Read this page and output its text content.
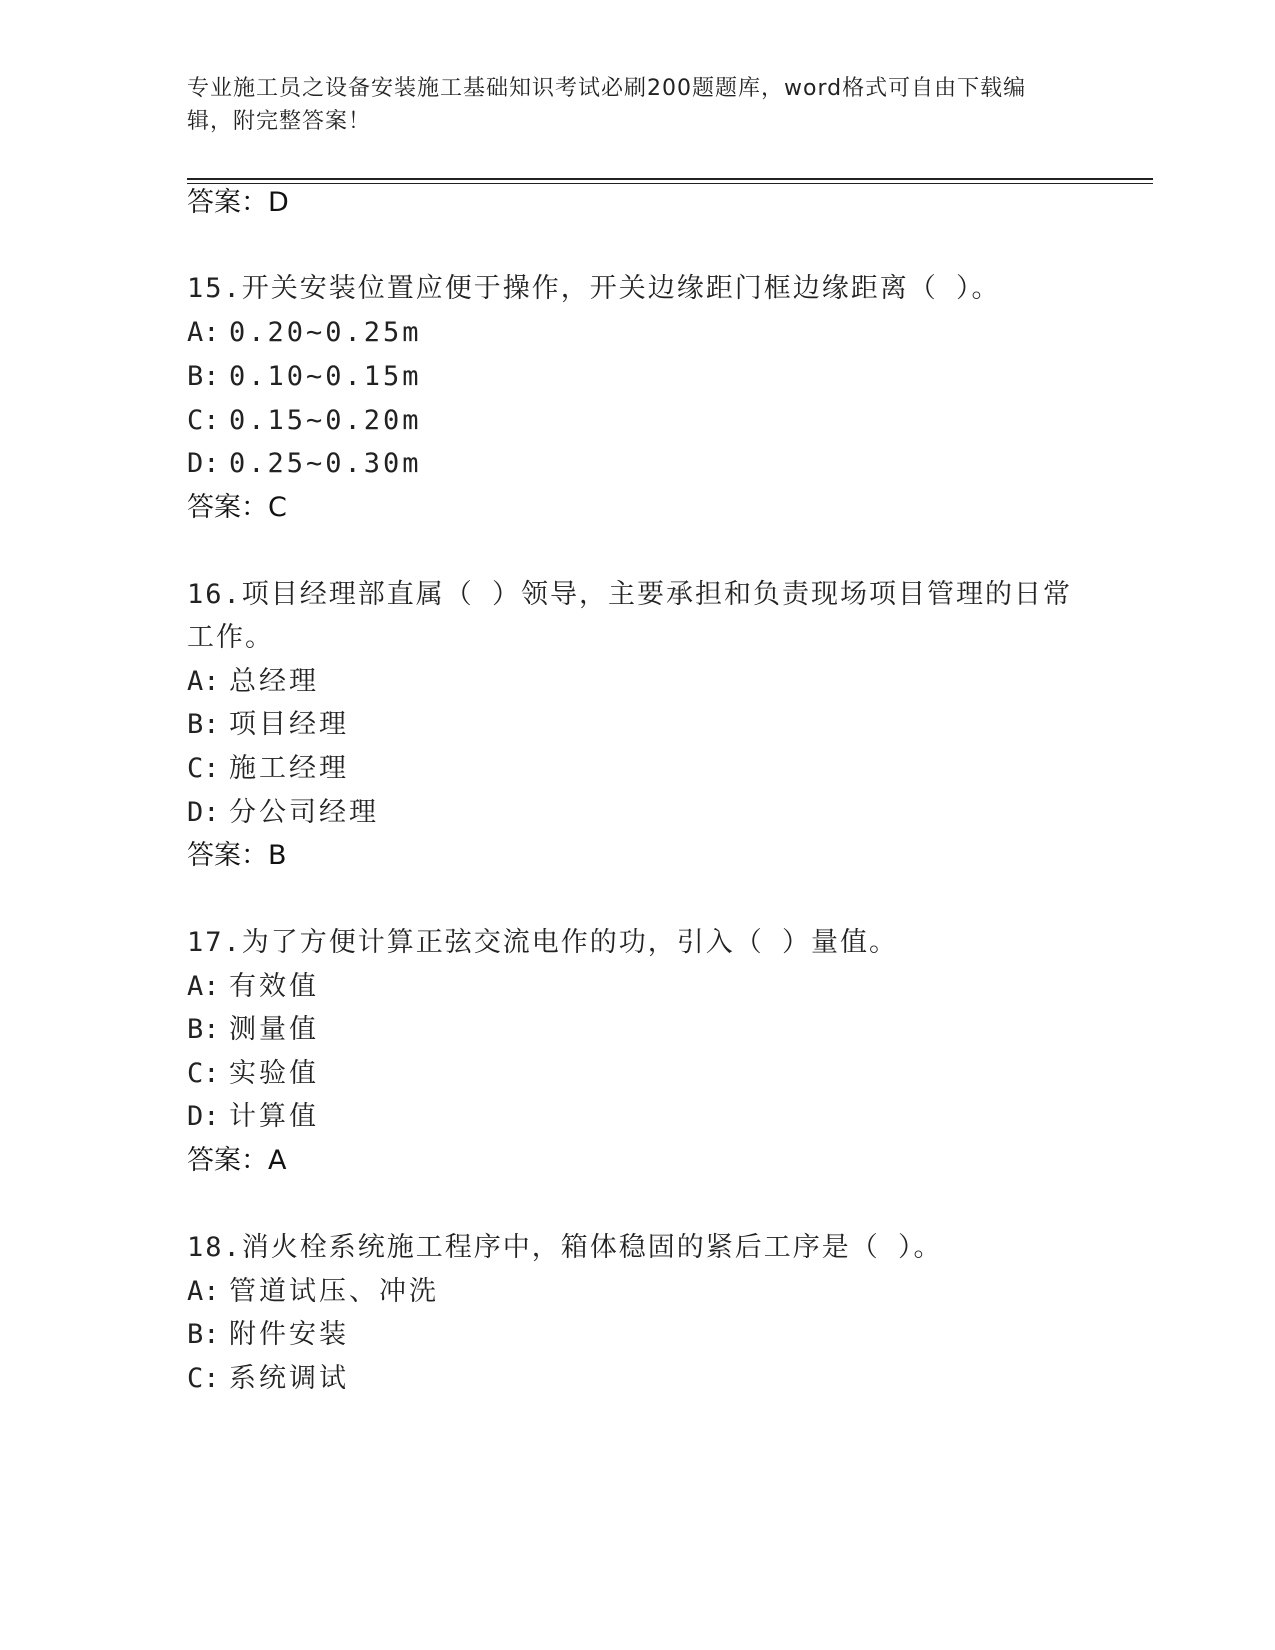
专业施工员之设备安装施工基础知识考试必刷200题题库，word格式可自由下载编辑，附完整答案！
答案：D
15.开关安装位置应便于操作，开关边缘距门框边缘距离（ ）。
A: 0.20~0.25m
B: 0.10~0.15m
C: 0.15~0.20m
D: 0.25~0.30m
答案：C
16.项目经理部直属（ ）领导，主要承担和负责现场项目管理的日常
工作。
A: 总经理
B: 项目经理
C: 施工经理
D: 分公司经理
答案：B
17.为了方便计算正弦交流电作的功，引入（ ）量值。
A: 有效值
B: 测量值
C: 实验值
D: 计算值
答案：A
18.消火栓系统施工程序中，箱体稳固的紧后工序是（ ）。
A: 管道试压、冲洗
B: 附件安装
C: 系统调试
